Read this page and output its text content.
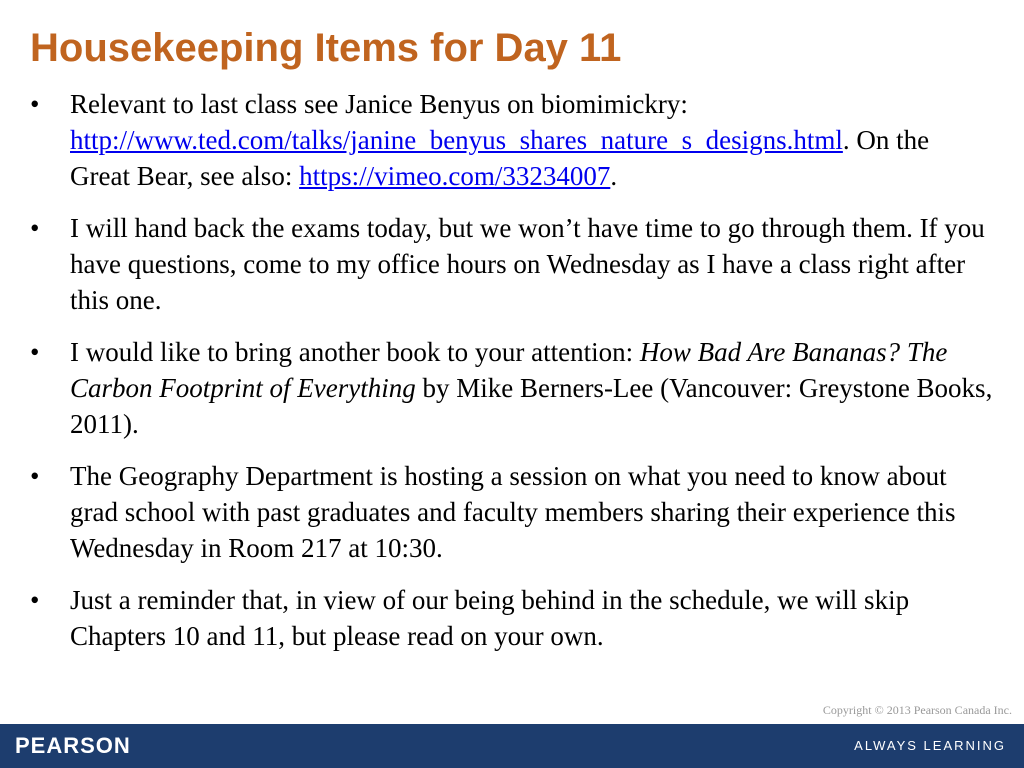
Housekeeping Items for Day 11
•	Relevant to last class see Janice Benyus on biomimickry: http://www.ted.com/talks/janine_benyus_shares_nature_s_designs.html. On the Great Bear, see also: https://vimeo.com/33234007.
•	I will hand back the exams today, but we won’t have time to go through them. If you have questions, come to my office hours on Wednesday as I have a class right after this one.
•	I would like to bring another book to your attention: How Bad Are Bananas? The Carbon Footprint of Everything by Mike Berners-Lee (Vancouver: Greystone Books, 2011).
•	The Geography Department is hosting a session on what you need to know about grad school with past graduates and faculty members sharing their experience this Wednesday in Room 217 at 10:30.
•	Just a reminder that, in view of our being behind in the schedule, we will skip Chapters 10 and 11, but please read on your own.
Copyright © 2013 Pearson Canada Inc.
PEARSON	ALWAYS LEARNING
